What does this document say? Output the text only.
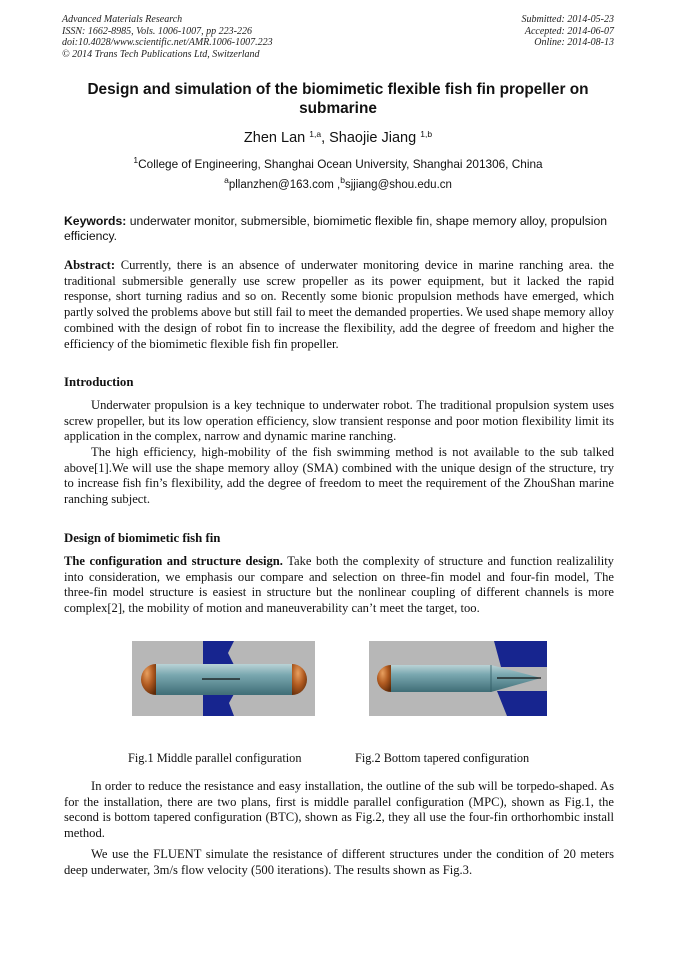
Advanced Materials Research
ISSN: 1662-8985, Vols. 1006-1007, pp 223-226
doi:10.4028/www.scientific.net/AMR.1006-1007.223
© 2014 Trans Tech Publications Ltd, Switzerland
Submitted: 2014-05-23
Accepted: 2014-06-07
Online: 2014-08-13
Design and simulation of the biomimetic flexible fish fin propeller on submarine
Zhen Lan $^{1,a}$, Shaojie Jiang $^{1,b}$
$^1$College of Engineering, Shanghai Ocean University, Shanghai 201306, China
$^a$pllanzhen@163.com ,$^b$sjjiang@shou.edu.cn
Keywords: underwater monitor, submersible, biomimetic flexible fin, shape memory alloy, propulsion efficiency.
Abstract: Currently, there is an absence of underwater monitoring device in marine ranching area. the traditional submersible generally use screw propeller as its power equipment, but it lacked the rapid response, short turning radius and so on. Recently some bionic propulsion methods have emerged, which partly solved the problems above but still fail to meet the demanded properties. We used shape memory alloy combined with the design of robot fin to increase the flexibility, add the degree of freedom and higher the efficiency of the biomimetic flexible fish fin propeller.
Introduction
Underwater propulsion is a key technique to underwater robot. The traditional propulsion system uses screw propeller, but its low operation efficiency, slow transient response and poor motion flexibility limit its application in the complex, narrow and dynamic marine ranching.
The high efficiency, high-mobility of the fish swimming method is not available to the sub talked above[1].We will use the shape memory alloy (SMA) combined with the unique design of the structure, try to increase fish fin’s flexibility, add the degree of freedom to meet the requirement of the ZhouShan marine ranching subject.
Design of biomimetic fish fin
The configuration and structure design. Take both the complexity of structure and function realizalility into consideration, we emphasis our compare and selection on three-fin model and four-fin model, The three-fin model structure is easiest in structure but the nonlinear coupling of different channels is more complex[2], the mobility of motion and maneuverability can’t meet the target, too.
Fig.1 Middle parallel configuration	Fig.2 Bottom tapered configuration
In order to reduce the resistance and easy installation, the outline of the sub will be torpedo-shaped. As for the installation, there are two plans, first is middle parallel configuration (MPC), shown as Fig.1, the second is bottom tapered configuration (BTC), shown as Fig.2, they all use the four-fin orthorhombic install method.
We use the FLUENT simulate the resistance of different structures under the condition of 20 meters deep underwater, 3m/s flow velocity (500 iterations). The results shown as Fig.3.
